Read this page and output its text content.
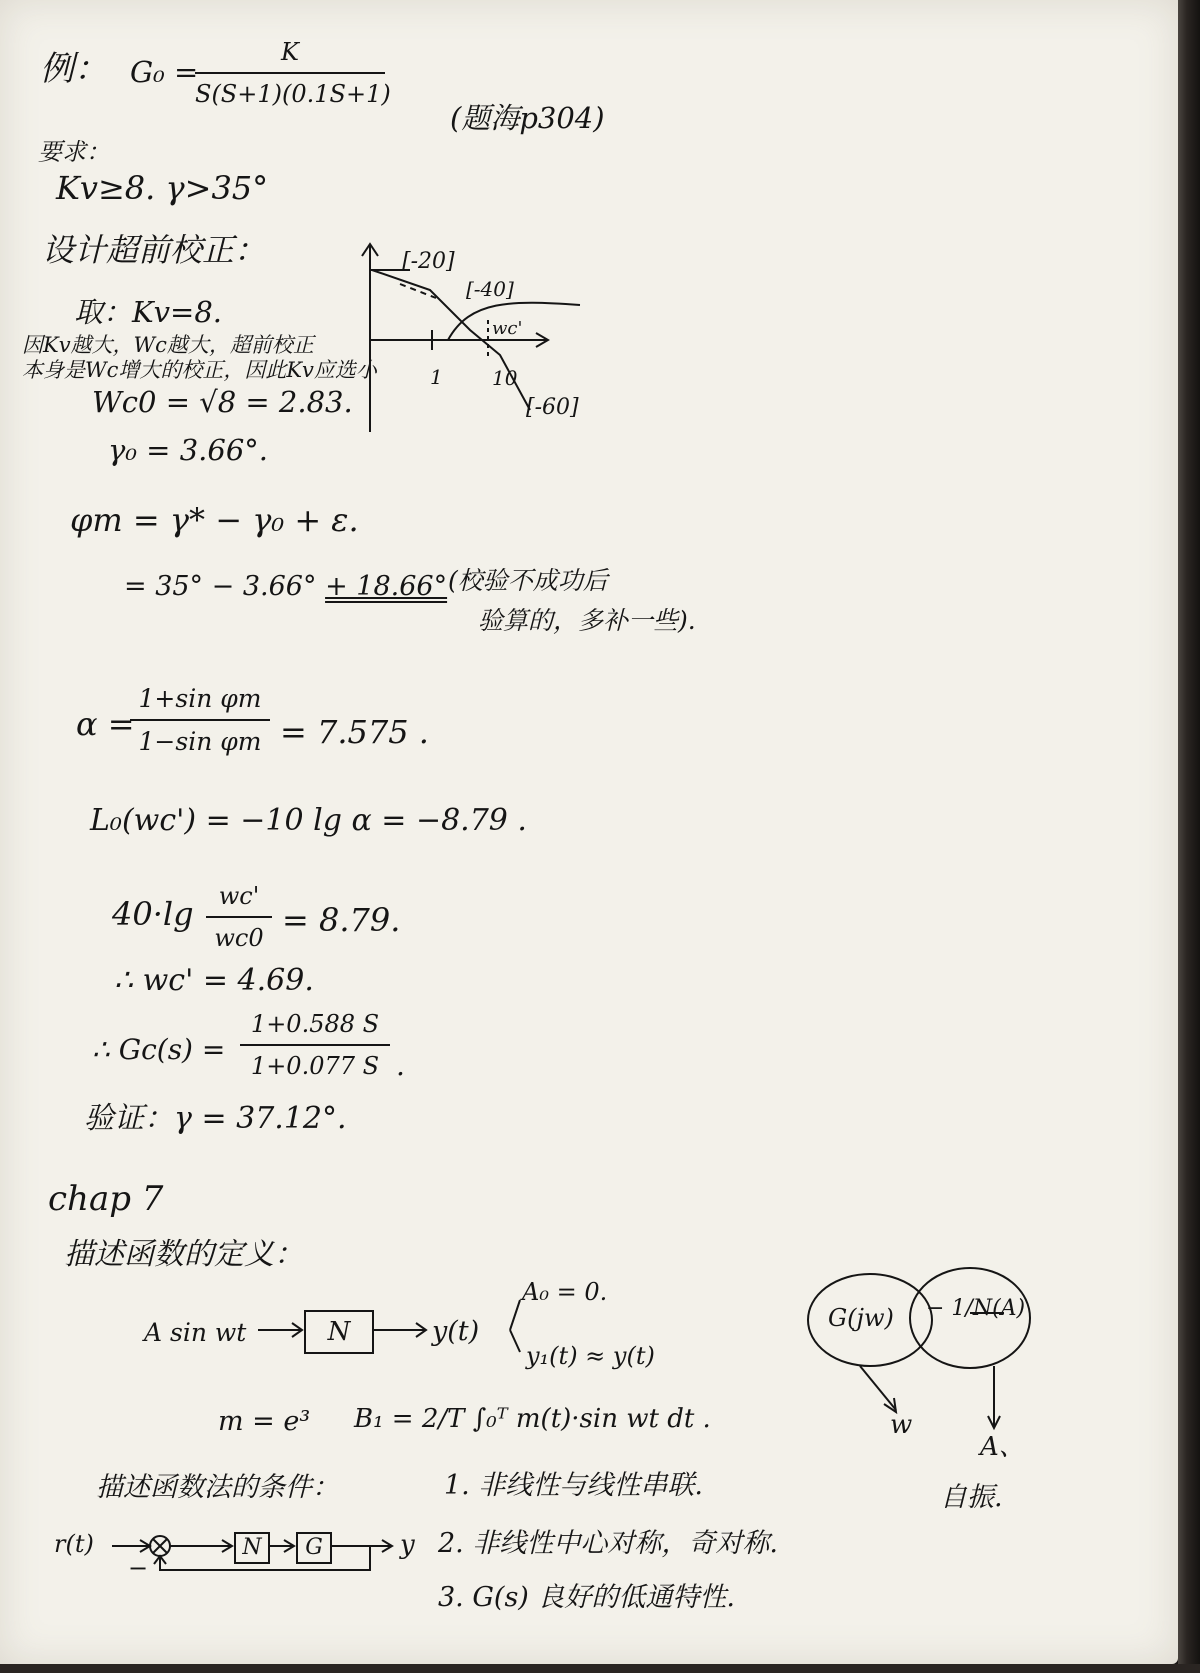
例： G₀ =

K
S(S+1)(0.1S+1)

(题海p304)

要求：

Kv≥8. γ>35°

设计超前校正：

取：Kv=8.

因Kv越大，Wc越大，超前校正

本身是Wc增大的校正，因此Kv应选小

Wc0 = √8 = 2.83.

γ₀ = 3.66°.

[-20]
[-40]
wc'
1 10
[-60]

φm = γ* − γ₀ + ε.

= 35° − 3.66° + 18.66° (校验不成功后

验算的，多补一些).

α =

1+sin φm
1−sin φm = 7.575 .

L₀(wc') = −10 lg α = −8.79 .

40·lg	wc'
wc0 = 8.79.

∴ wc' = 4.69.

∴ Gc(s) =

1+0.588 S
1+0.077 S .

验证：γ = 37.12°.

chap 7

描述函数的定义：

A sin wt	N	y(t)

A₀ = 0.

y₁(t) ≈ y(t)

m = e³ B₁ = 2/T ∫₀ᵀ m(t)·sin wt dt .

描述函数法的条件：	1. 非线性与线性串联.

2. 非线性中心对称，奇对称.

3. G(s) 良好的低通特性.

r(t)

−

N	G	y

G(jw) − 1/N(A)

w

A、

自振.
